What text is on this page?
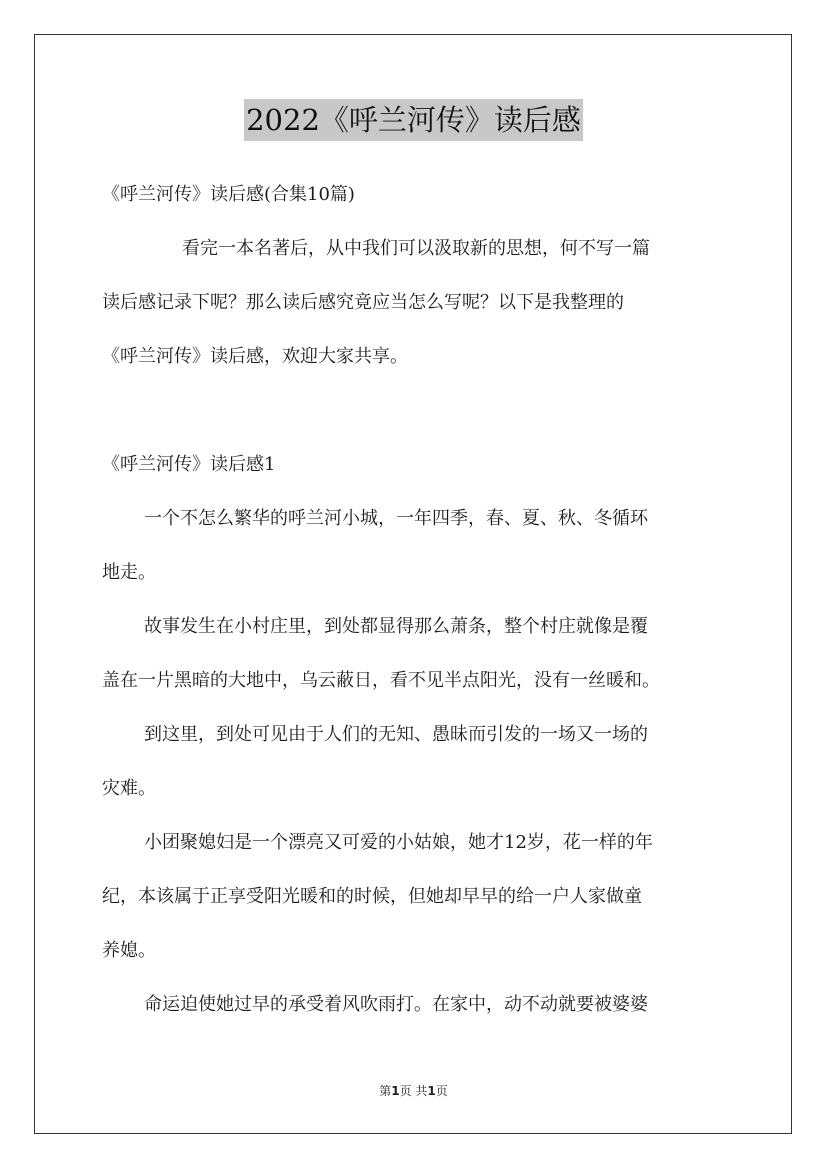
2022《呼兰河传》读后感
《呼兰河传》读后感(合集10篇)
看完一本名著后，从中我们可以汲取新的思想，何不写一篇
读后感记录下呢？那么读后感究竟应当怎么写呢？以下是我整理的
《呼兰河传》读后感，欢迎大家共享。
《呼兰河传》读后感1
一个不怎么繁华的呼兰河小城，一年四季，春、夏、秋、冬循环
地走。
故事发生在小村庄里，到处都显得那么萧条，整个村庄就像是覆
盖在一片黑暗的大地中，乌云蔽日，看不见半点阳光，没有一丝暖和。
到这里，到处可见由于人们的无知、愚昧而引发的一场又一场的
灾难。
小团聚媳妇是一个漂亮又可爱的小姑娘，她才12岁，花一样的年
纪，本该属于正享受阳光暖和的时候，但她却早早的给一户人家做童
养媳。
命运迫使她过早的承受着风吹雨打。在家中，动不动就要被婆婆
第1页 共1页
